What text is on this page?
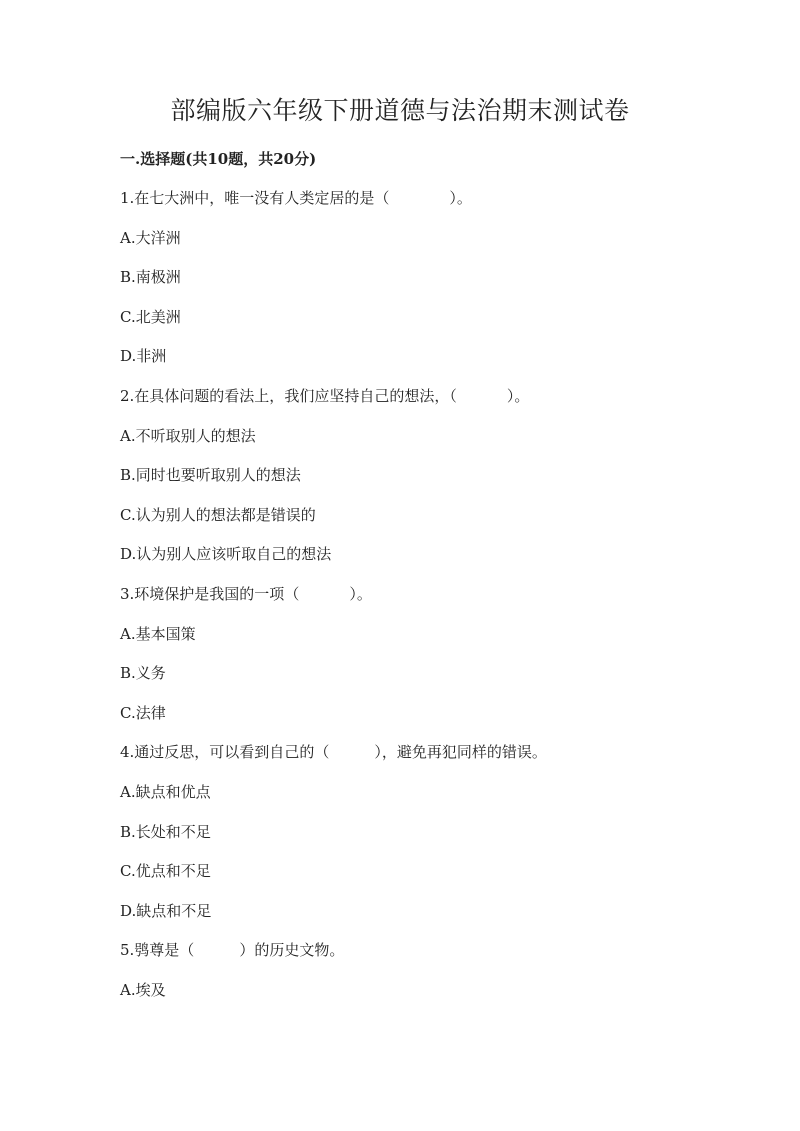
部编版六年级下册道德与法治期末测试卷
一.选择题(共10题，共20分)
1.在七大洲中，唯一没有人类定居的是（	）。
A.大洋洲
B.南极洲
C.北美洲
D.非洲
2.在具体问题的看法上，我们应坚持自己的想法，（	）。
A.不听取别人的想法
B.同时也要听取别人的想法
C.认为别人的想法都是错误的
D.认为别人应该听取自己的想法
3.环境保护是我国的一项（	）。
A.基本国策
B.义务
C.法律
4.通过反思，可以看到自己的（	），避免再犯同样的错误。
A.缺点和优点
B.长处和不足
C.优点和不足
D.缺点和不足
5.鸮尊是（	）的历史文物。
A.埃及
